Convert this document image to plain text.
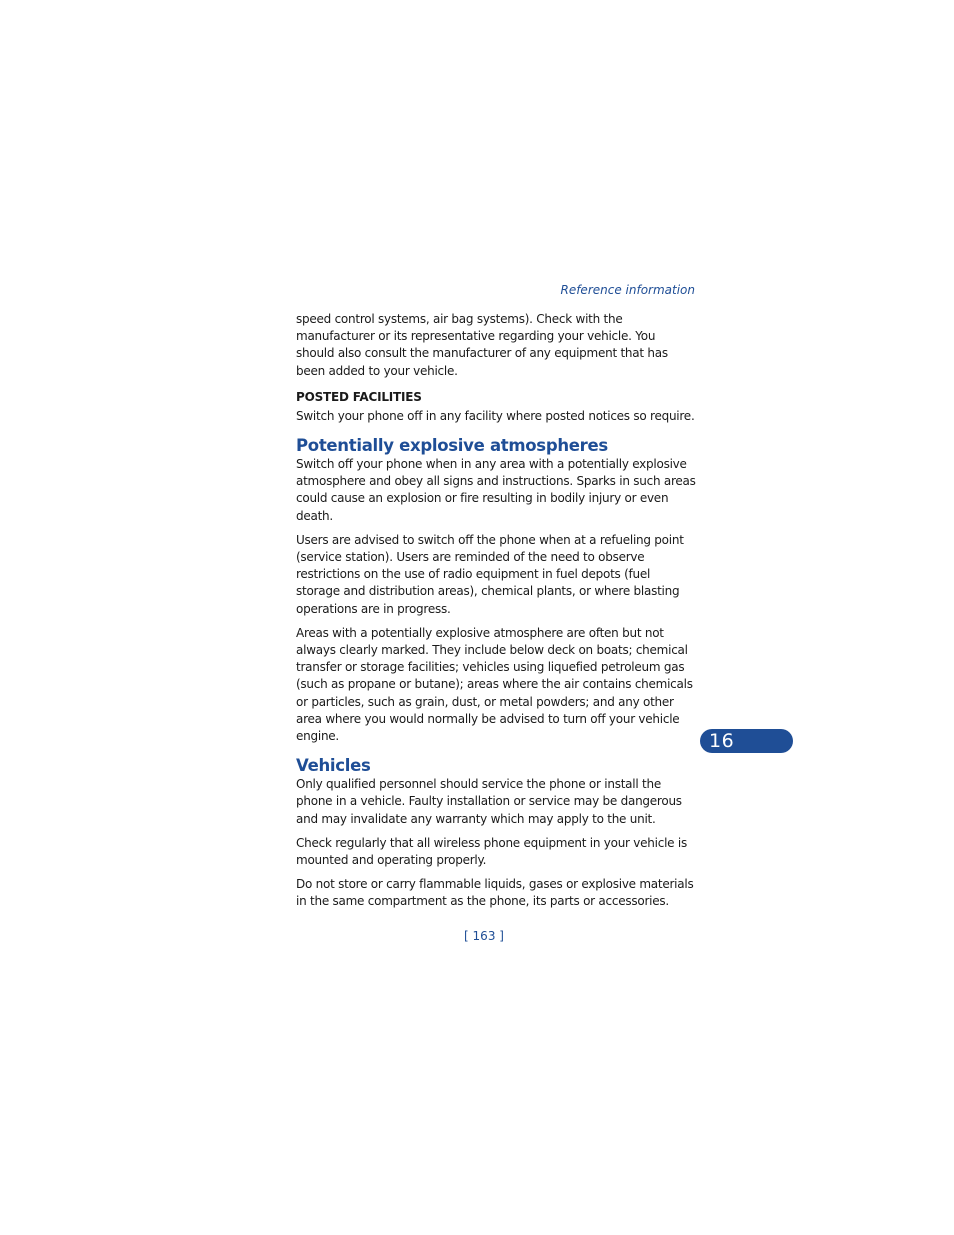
Reference information

speed control systems, air bag systems). Check with the manufacturer or its representative regarding your vehicle. You should also consult the manufacturer of any equipment that has been added to your vehicle.

POSTED FACILITIES

Switch your phone off in any facility where posted notices so require.

Potentially explosive atmospheres

Switch off your phone when in any area with a potentially explosive atmosphere and obey all signs and instructions. Sparks in such areas could cause an explosion or fire resulting in bodily injury or even death.

Users are advised to switch off the phone when at a refueling point (service station). Users are reminded of the need to observe restrictions on the use of radio equipment in fuel depots (fuel storage and distribution areas), chemical plants, or where blasting operations are in progress.

Areas with a potentially explosive atmosphere are often but not always clearly marked. They include below deck on boats; chemical transfer or storage facilities; vehicles using liquefied petroleum gas (such as propane or butane); areas where the air contains chemicals or particles, such as grain, dust, or metal powders; and any other area where you would normally be advised to turn off your vehicle engine.

Vehicles

Only qualified personnel should service the phone or install the phone in a vehicle. Faulty installation or service may be dangerous and may invalidate any warranty which may apply to the unit.

Check regularly that all wireless phone equipment in your vehicle is mounted and operating properly.

Do not store or carry flammable liquids, gases or explosive materials in the same compartment as the phone, its parts or accessories.

16
[ 163 ]
